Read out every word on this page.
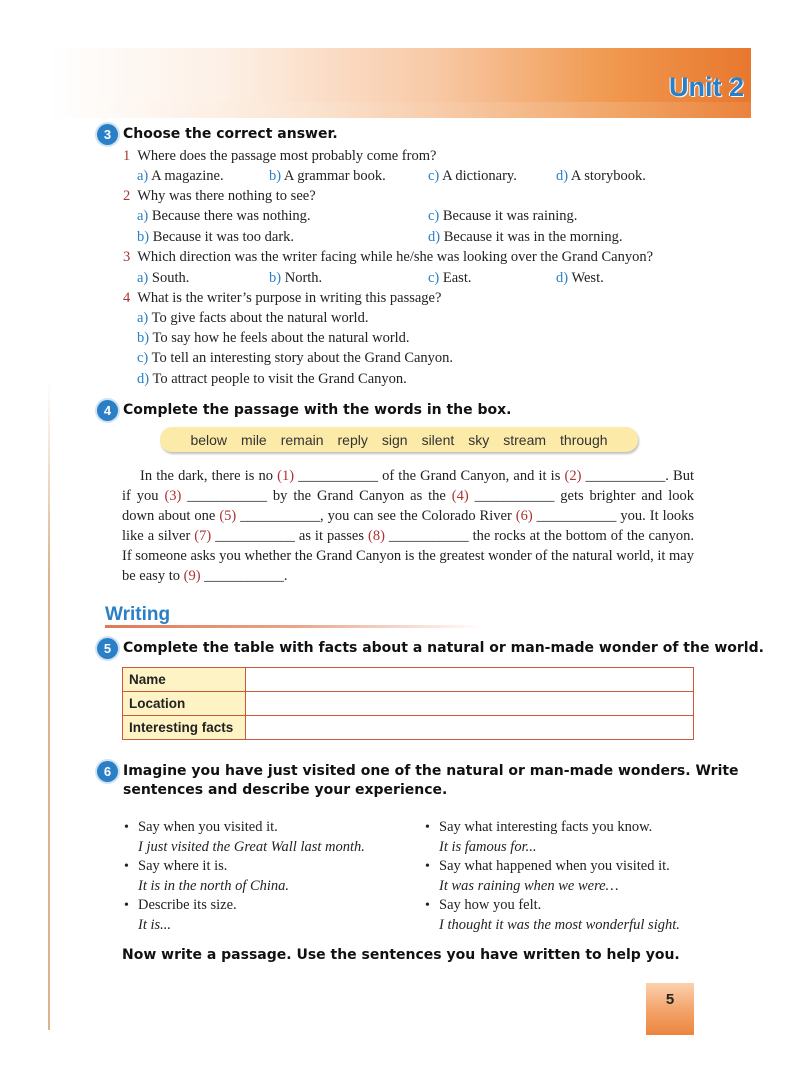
Unit 2
3 Choose the correct answer.
1 Where does the passage most probably come from?
a) A magazine.	b) A grammar book.	c) A dictionary.	d) A storybook.
2 Why was there nothing to see?
a) Because there was nothing.	c) Because it was raining.
b) Because it was too dark.	d) Because it was in the morning.
3 Which direction was the writer facing while he/she was looking over the Grand Canyon?
a) South.	b) North.	c) East.	d) West.
4 What is the writer’s purpose in writing this passage?
a) To give facts about the natural world.
b) To say how he feels about the natural world.
c) To tell an interesting story about the Grand Canyon.
d) To attract people to visit the Grand Canyon.
4 Complete the passage with the words in the box.
below mile remain reply sign silent sky stream through

In the dark, there is no (1) ___________ of the Grand Canyon, and it is (2) ___________. But if you (3) ___________ by the Grand Canyon as the (4) ___________ gets brighter and look down about one (5) ___________, you can see the Colorado River (6) ___________ you. It looks like a silver (7) ___________ as it passes (8) ___________ the rocks at the bottom of the canyon. If someone asks you whether the Grand Canyon is the greatest wonder of the natural world, it may be easy to (9) ___________.

Writing
5 Complete the table with facts about a natural or man-made wonder of the world.
Name	
Location	
Interesting facts	
6 Imagine you have just visited one of the natural or man-made wonders. Write
sentences and describe your experience.
• Say when you visited it.
I just visited the Great Wall last month.
• Say where it is.
It is in the north of China.
• Describe its size.
It is...
• Say what interesting facts you know.
It is famous for...
• Say what happened when you visited it.
It was raining when we were…
• Say how you felt.
I thought it was the most wonderful sight.
Now write a passage. Use the sentences you have written to help you.
5
